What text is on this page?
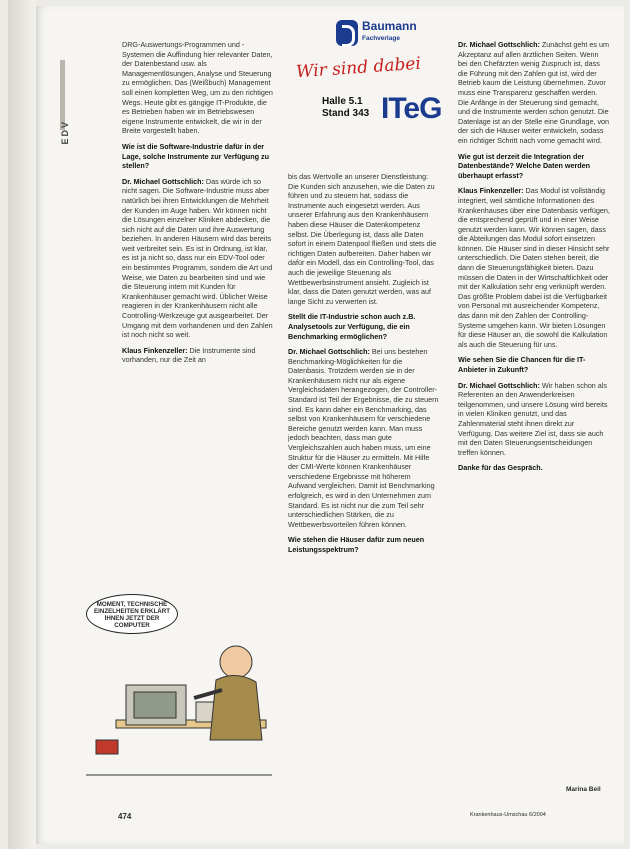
EDV
Baumann
Fachverlage
Wir sind dabei
Halle 5.1
Stand 343 ITeG

DRG-Auswertungs-Programmen und -Systemen die Auffindung hier relevanter Daten, der Datenbestand usw. als Managementlösungen, Analyse und Steuerung zu ermöglichen. Das (Weißbuch) Management soll einen kompletten Weg, um zu den richtigen Wegs. Heute gibt es gängige IT-Produkte, die es Betrieben haben wir im Betriebswesen eigene Instrumente entwickelt, die wir in der Breite vorgestellt haben.

Wie ist die Software-Industrie dafür in der Lage, solche Instrumente zur Verfügung zu stellen?

Dr. Michael Gottschlich: Das würde ich so nicht sagen. Die Software-Industrie muss aber natürlich bei ihren Entwicklungen die Mehrheit der Kunden im Auge haben. Wir können nicht die Lösungen einzelner Kliniken abdecken, die sich nicht auf die Daten und ihre Auswertung beziehen. In anderen Häusern wird das bereits weit verbreitet sein. Es ist in Ordnung, ist klar, es ist ja nicht so, dass nur ein EDV-Tool oder ein bestimmtes Programm, sondern die Art und Weise, wie Daten zu bearbeiten sind und wie die Steuerung intern mit Kunden für Krankenhäuser gemacht wird. Üblicher Weise reagieren in der Krankenhäusern nicht alle Controlling-Werkzeuge gut ausgearbeitet. Der Umgang mit dem vorhandenen und den Zahlen ist noch nicht so weit.

Klaus Finkenzeller: Die Instrumente sind vorhanden, nur die Zeit an

bis das Wertvolle an unserer Dienstleistung: Die Kunden sich anzusehen, wie die Daten zu führen und zu steuern hat, sodass die Instrumente auch eingesetzt werden. Aus unserer Erfahrung aus den Krankenhäusern haben diese Häuser die Datenkompetenz selbst. Die Überlegung ist, dass alle Daten sofort in einem Datenpool fließen und stets die richtigen Daten aufbereiten. Daher haben wir dafür ein Modell, das ein Controlling-Tool, das auch die jeweilige Steuerung als Wettbewerbsinstrument ansieht. Zugleich ist klar, dass die Daten genutzt werden, was auf lange Sicht zu verwerten ist.

Stellt die IT-Industrie schon auch z.B. Analysetools zur Verfügung, die ein Benchmarking ermöglichen?

Dr. Michael Gottschlich: Bei uns bestehen Benchmarking-Möglichkeiten für die Datenbasis. Trotzdem werden sie in der Krankenhäusern nicht nur als eigene Vergleichsdaten herangezogen, der Controller-Standard ist Teil der Ergebnisse, die zu steuern sind. Es kann daher ein Benchmarking, das selbst von Krankenhäusern für verschiedene Bereiche genutzt werden kann. Man muss jedoch beachten, dass man gute Vergleichszahlen auch haben muss, um eine Struktur für die Häuser zu ermitteln. Mit Hilfe der CMI-Werte können Krankenhäuser verschiedene Ergebnisse mit höherem Aufwand vergleichen. Damit ist Benchmarking erfolgreich, es wird in den Unternehmen zum Standard. Es ist nicht nur die zum Teil sehr unterschiedlichen Stärken, die zu Wettbewerbsvorteilen führen können.

Wie stehen die Häuser dafür zum neuen Leistungsspektrum?

Dr. Michael Gottschlich: Zunächst geht es um Akzeptanz auf allen ärztlichen Seiten. Wenn bei den Chefärzten wenig Zuspruch ist, dass die Führung mit den Zahlen gut ist, wird der Betrieb kaum die Leistung übernehmen. Zuvor muss eine Transparenz geschaffen werden. Die Anfänge in der Steuerung sind gemacht, und die Instrumente werden schon genutzt. Die Datenlage ist an der Stelle eine Grundlage, von der sich die Häuser weiter entwickeln, sodass ein richtiger Schritt nach vorne gemacht wird.

Wie gut ist derzeit die Integration der Datenbestände? Welche Daten werden überhaupt erfasst?

Klaus Finkenzeller: Das Modul ist vollständig integriert, weil sämtliche Informationen des Krankenhauses über eine Datenbasis verfügen, die entsprechend geprüft und in einer Weise genutzt werden kann. Wir können sagen, dass die Abteilungen das Modul sofort einsetzen können. Die Häuser sind in dieser Hinsicht sehr unterschiedlich. Die Daten stehen bereit, die dann die Steuerungsfähigkeit bieten. Dazu müssen die Daten in der Wirtschaftlichkeit oder mit der Kalkulation sehr eng verknüpft werden. Das größte Problem dabei ist die Verfügbarkeit von Personal mit ausreichender Kompetenz, das dann mit den Zahlen der Controlling-Systeme umgehen kann. Wir bieten Lösungen für diese Häuser an, die sowohl die Kalkulation als auch die Steuerung für uns.

Wie sehen Sie die Chancen für die IT-Anbieter in Zukunft?

Dr. Michael Gottschlich: Wir haben schon als Referenten an den Anwenderkreisen teilgenommen, und unsere Lösung wird bereits in vielen Kliniken genutzt, und das Zahlenmaterial steht ihnen direkt zur Verfügung. Das weitere Ziel ist, dass sie auch mit den Daten Steuerungsentscheidungen treffen können.

Danke für das Gespräch.

MOMENT, TECHNISCHE EINZELHEITEN ERKLÄRT IHNEN JETZT DER COMPUTER
Marina Beil
474	Krankenhaus-Umschau 6/2004
